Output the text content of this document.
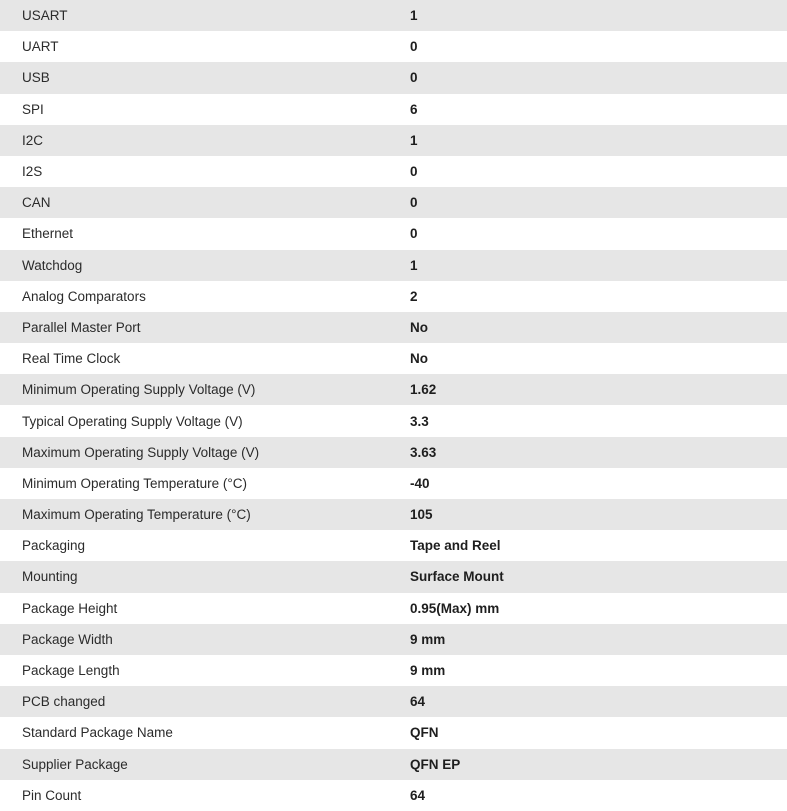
USART	1
UART	0
USB	0
SPI	6
I2C	1
I2S	0
CAN	0
Ethernet	0
Watchdog	1
Analog Comparators	2
Parallel Master Port	No
Real Time Clock	No
Minimum Operating Supply Voltage (V)	1.62
Typical Operating Supply Voltage (V)	3.3
Maximum Operating Supply Voltage (V)	3.63
Minimum Operating Temperature (°C)	-40
Maximum Operating Temperature (°C)	105
Packaging	Tape and Reel
Mounting	Surface Mount
Package Height	0.95(Max) mm
Package Width	9 mm
Package Length	9 mm
PCB changed	64
Standard Package Name	QFN
Supplier Package	QFN EP
Pin Count	64
